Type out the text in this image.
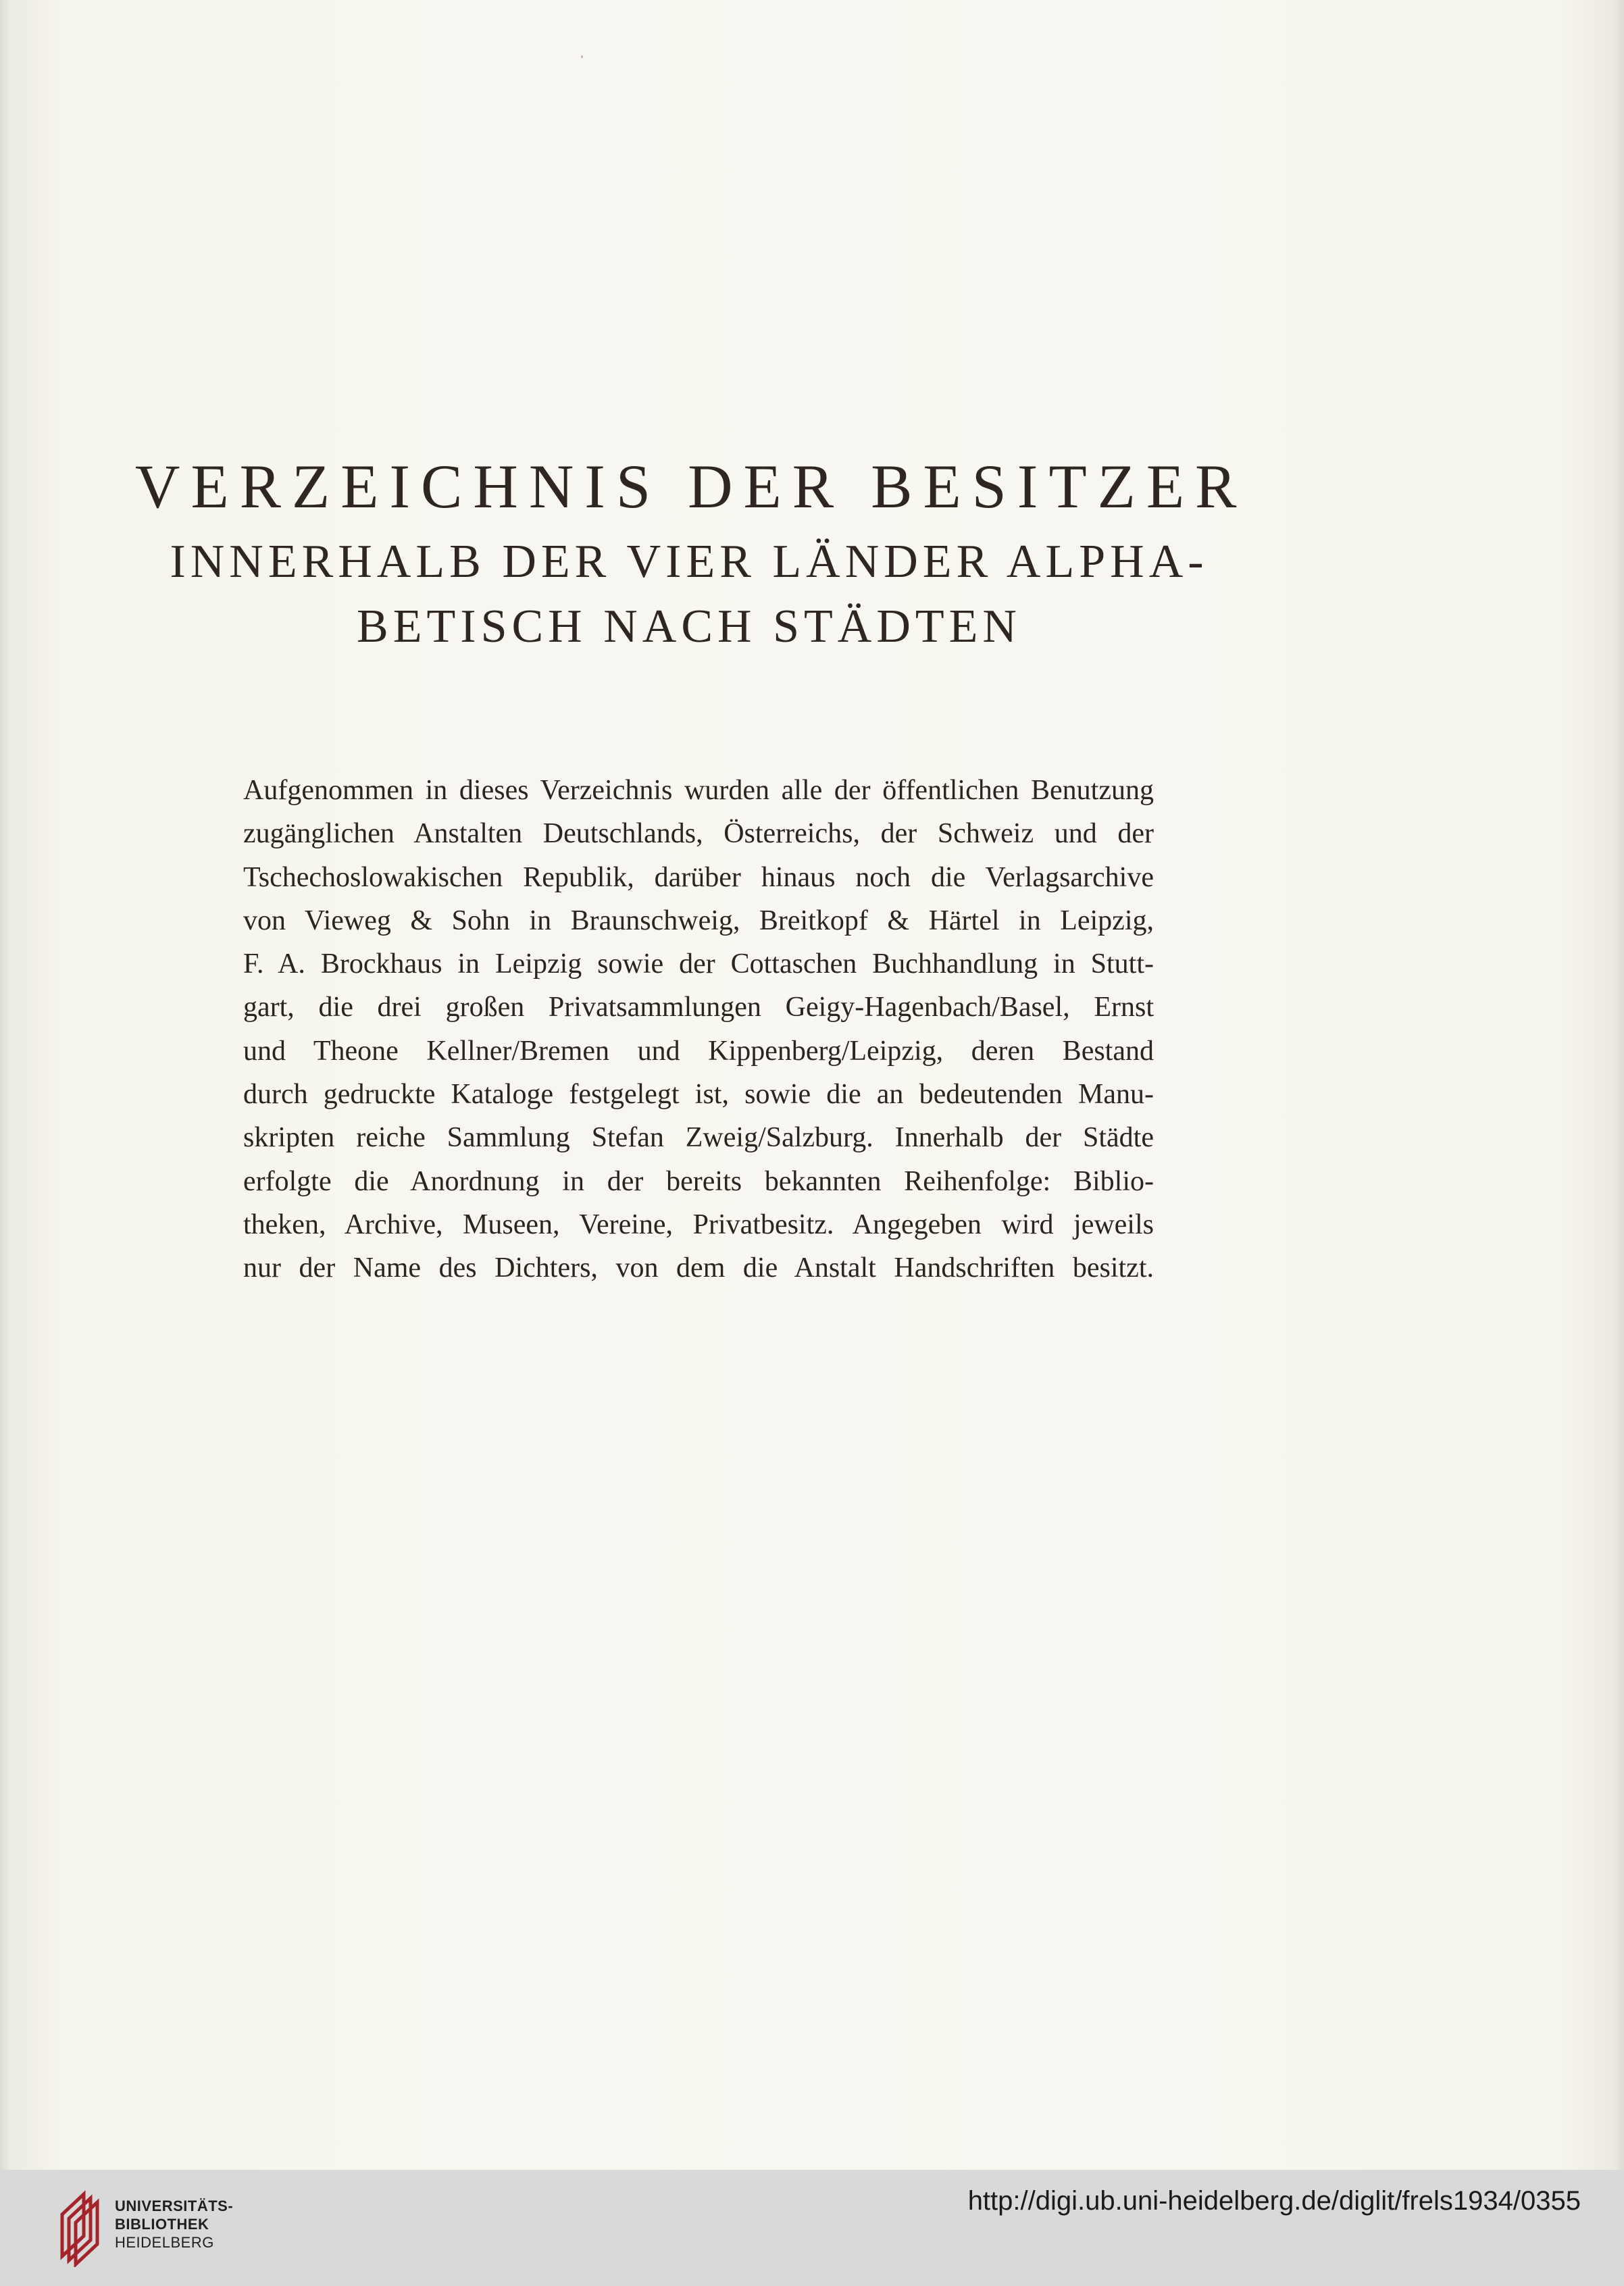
VERZEICHNIS DER BESITZER
INNERHALB DER VIER LÄNDER ALPHA-
BETISCH NACH STÄDTEN
Aufgenommen in dieses Verzeichnis wurden alle der öffentlichen Benutzung
zugänglichen Anstalten Deutschlands, Österreichs, der Schweiz und der
Tschechoslowakischen Republik, darüber hinaus noch die Verlagsarchive
von Vieweg & Sohn in Braunschweig, Breitkopf & Härtel in Leipzig,
F. A. Brockhaus in Leipzig sowie der Cottaschen Buchhandlung in Stutt-
gart, die drei großen Privatsammlungen Geigy-Hagenbach/Basel, Ernst
und Theone Kellner/Bremen und Kippenberg/Leipzig, deren Bestand
durch gedruckte Kataloge festgelegt ist, sowie die an bedeutenden Manu-
skripten reiche Sammlung Stefan Zweig/Salzburg. Innerhalb der Städte
erfolgte die Anordnung in der bereits bekannten Reihenfolge: Biblio-
theken, Archive, Museen, Vereine, Privatbesitz. Angegeben wird jeweils
nur der Name des Dichters, von dem die Anstalt Handschriften besitzt.
UNIVERSITÄTS-
BIBLIOTHEK
HEIDELBERG
http://digi.ub.uni-heidelberg.de/diglit/frels1934/0355
